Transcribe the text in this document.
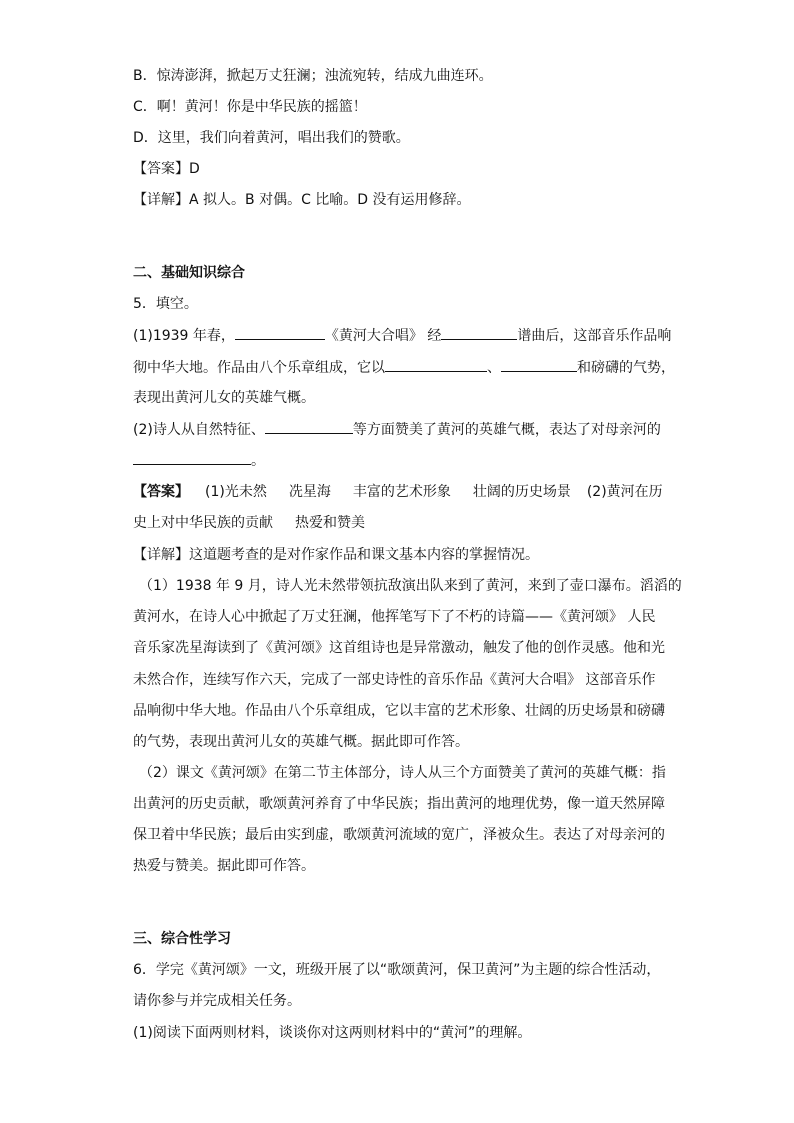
B．惊涛澎湃，掀起万丈狂澜；浊流宛转，结成九曲连环。
C．啊！黄河！你是中华民族的摇篮！
D．这里，我们向着黄河，唱出我们的赞歌。
【答案】D
【详解】A 拟人。B 对偶。C 比喻。D 没有运用修辞。
二、基础知识综合
5．填空。
(1)1939 年春，	《黄河大合唱》 经	谱曲后，这部音乐作品响
彻中华大地。作品由八个乐章组成，它以	、	和磅礴的气势，
表现出黄河儿女的英雄气概。
(2)诗人从自然特征、	等方面赞美了黄河的英雄气概，表达了对母亲河的
。
【答案】 (1)光未然 冼星海 丰富的艺术形象 壮阔的历史场景 (2)黄河在历
史上对中华民族的贡献 热爱和赞美
【详解】这道题考查的是对作家作品和课文基本内容的掌握情况。
（1）1938 年 9 月，诗人光未然带领抗敌演出队来到了黄河，来到了壶口瀑布。滔滔的
黄河水，在诗人心中掀起了万丈狂澜，他挥笔写下了不朽的诗篇——《黄河颂》 人民
音乐家冼星海读到了《黄河颂》这首组诗也是异常激动，触发了他的创作灵感。他和光
未然合作，连续写作六天，完成了一部史诗性的音乐作品《黄河大合唱》 这部音乐作
品响彻中华大地。作品由八个乐章组成，它以丰富的艺术形象、壮阔的历史场景和磅礴
的气势，表现出黄河儿女的英雄气概。据此即可作答。
（2）课文《黄河颂》在第二节主体部分，诗人从三个方面赞美了黄河的英雄气概：指
出黄河的历史贡献，歌颂黄河养育了中华民族；指出黄河的地理优势，像一道天然屏障
保卫着中华民族；最后由实到虚，歌颂黄河流域的宽广，泽被众生。表达了对母亲河的
热爱与赞美。据此即可作答。
三、综合性学习
6．学完《黄河颂》一文，班级开展了以“歌颂黄河，保卫黄河”为主题的综合性活动，
请你参与并完成相关任务。
(1)阅读下面两则材料，谈谈你对这两则材料中的“黄河”的理解。
